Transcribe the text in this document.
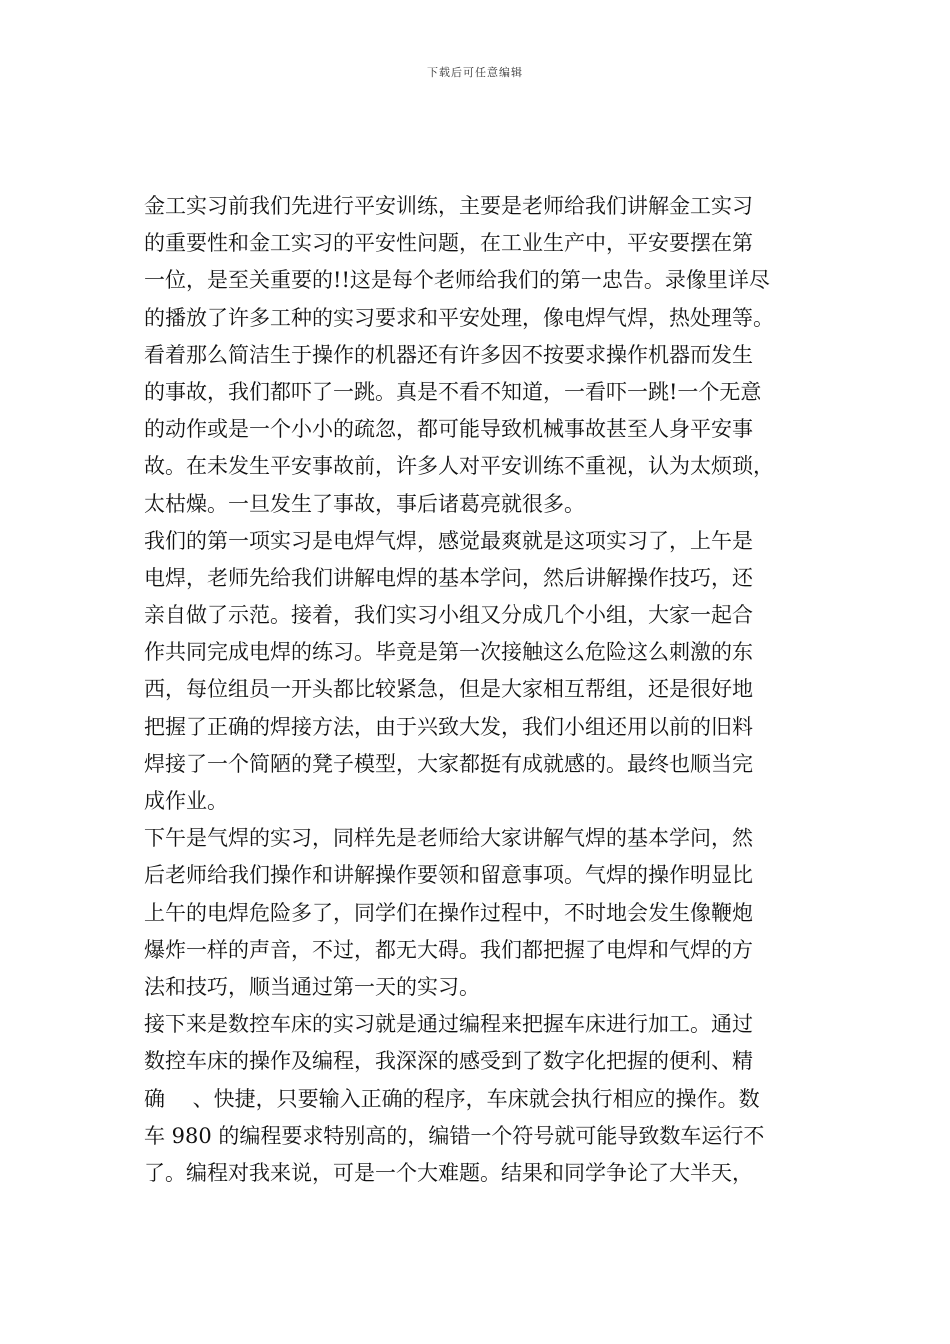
下载后可任意编辑
金工实习前我们先进行平安训练，主要是老师给我们讲解金工实习
的重要性和金工实习的平安性问题，在工业生产中，平安要摆在第
一位，是至关重要的!!这是每个老师给我们的第一忠告。录像里详尽
的播放了许多工种的实习要求和平安处理，像电焊气焊，热处理等。
看着那么简洁生于操作的机器还有许多因不按要求操作机器而发生
的事故，我们都吓了一跳。真是不看不知道，一看吓一跳!一个无意
的动作或是一个小小的疏忽，都可能导致机械事故甚至人身平安事
故。在未发生平安事故前，许多人对平安训练不重视，认为太烦琐，
太枯燥。一旦发生了事故，事后诸葛亮就很多。
我们的第一项实习是电焊气焊，感觉最爽就是这项实习了，上午是
电焊，老师先给我们讲解电焊的基本学问，然后讲解操作技巧，还
亲自做了示范。接着，我们实习小组又分成几个小组，大家一起合
作共同完成电焊的练习。毕竟是第一次接触这么危险这么刺激的东
西，每位组员一开头都比较紧急，但是大家相互帮组，还是很好地
把握了正确的焊接方法，由于兴致大发，我们小组还用以前的旧料
焊接了一个简陋的凳子模型，大家都挺有成就感的。最终也顺当完
成作业。
下午是气焊的实习，同样先是老师给大家讲解气焊的基本学问，然
后老师给我们操作和讲解操作要领和留意事项。气焊的操作明显比
上午的电焊危险多了，同学们在操作过程中，不时地会发生像鞭炮
爆炸一样的声音，不过，都无大碍。我们都把握了电焊和气焊的方
法和技巧，顺当通过第一天的实习。
接下来是数控车床的实习就是通过编程来把握车床进行加工。通过
数控车床的操作及编程，我深深的感受到了数字化把握的便利、精
确　 、快捷，只要输入正确的程序，车床就会执行相应的操作。数
车 980 的编程要求特别高的，编错一个符号就可能导致数车运行不
了。编程对我来说，可是一个大难题。结果和同学争论了大半天，
